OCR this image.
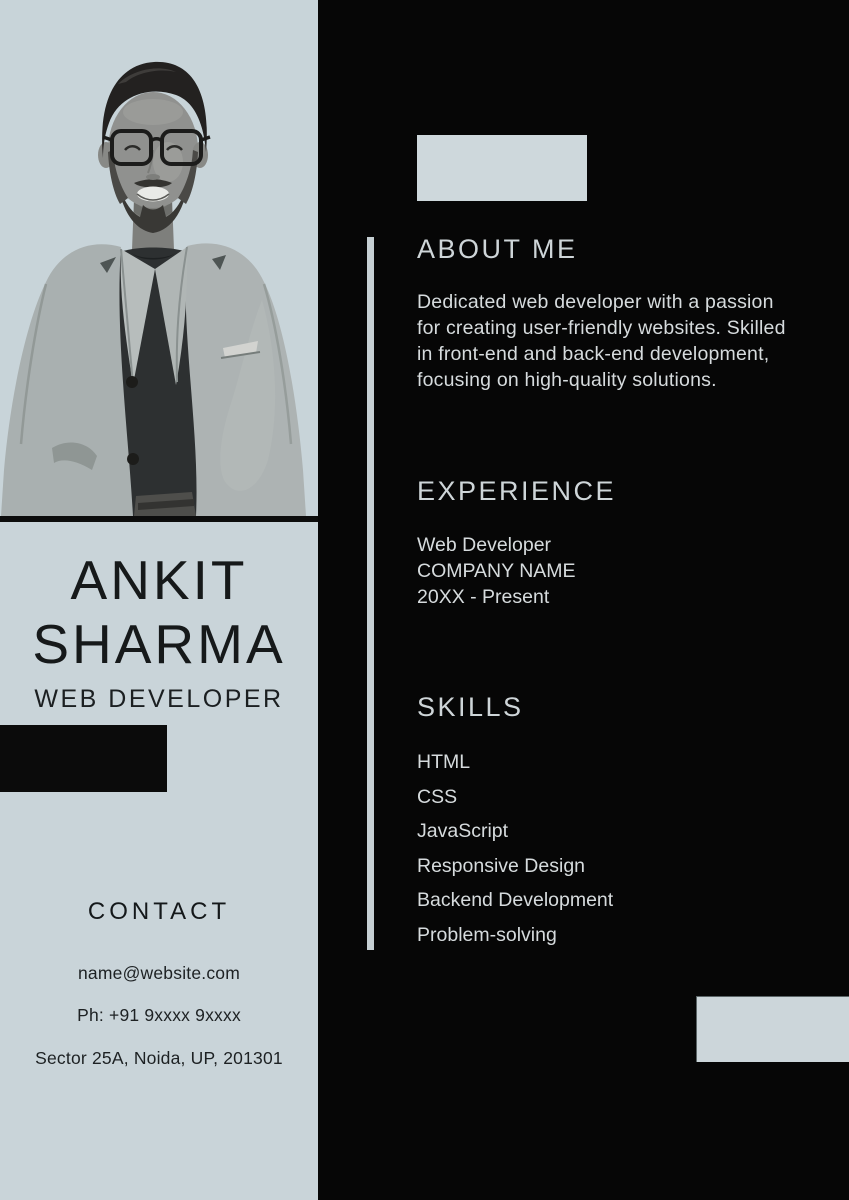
ANKIT
SHARMA
WEB DEVELOPER
CONTACT
name@website.com
Ph: +91 9xxxx 9xxxx
Sector 25A, Noida, UP, 201301
ABOUT ME

Dedicated web developer with a passion for creating user-friendly websites. Skilled in front-end and back-end development, focusing on high-quality solutions.

EXPERIENCE
Web Developer
COMPANY NAME
20XX - Present
SKILLS
HTML
CSS
JavaScript
Responsive Design
Backend Development
Problem-solving
